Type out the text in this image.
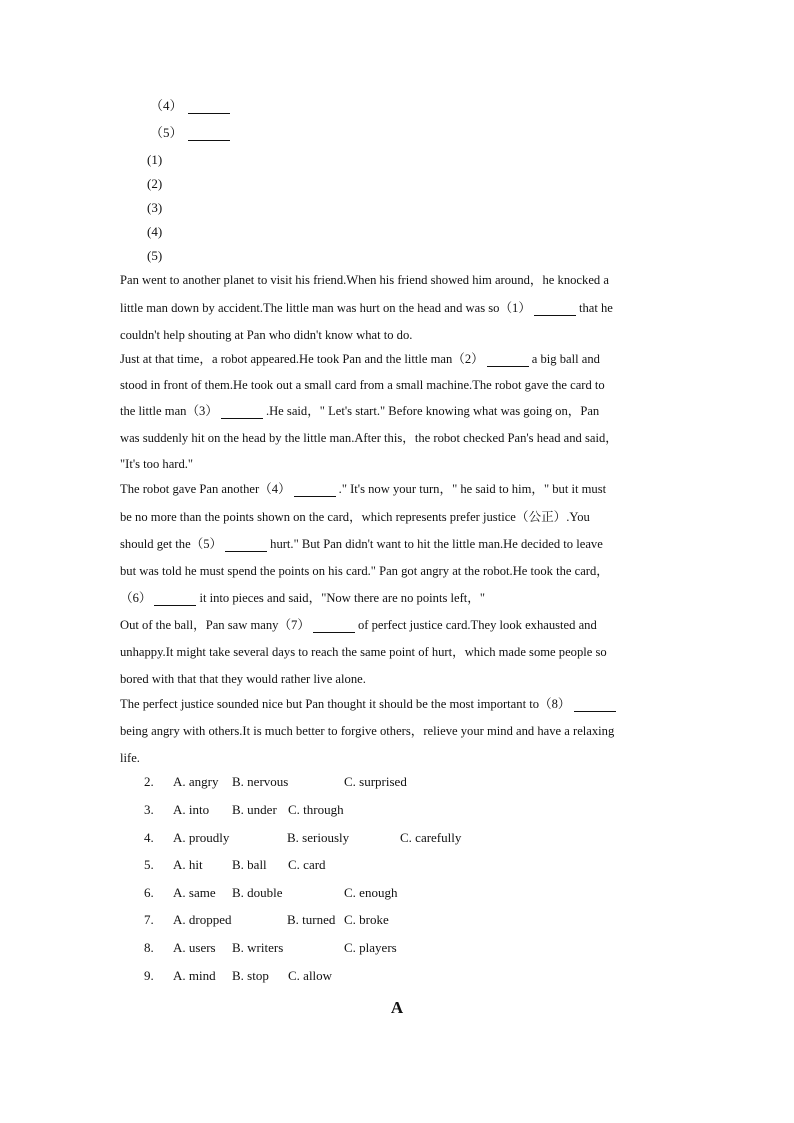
（4）
（5）
(1)
(2)
(3)
(4)
(5)
Pan went to another planet to visit his friend.When his friend showed him around，he knocked a
little man down by accident.The little man was hurt on the head and was so（1）	that he
couldn't help shouting at Pan who didn't know what to do.
Just at that time，a robot appeared.He took Pan and the little man（2）	a big ball and
stood in front of them.He took out a small card from a small machine.The robot gave the card to
the little man（3）	.He said，" Let's start." Before knowing what was going on，Pan
was suddenly hit on the head by the little man.After this，the robot checked Pan's head and said，
"It's too hard."
The robot gave Pan another（4）	." It's now your turn，" he said to him，" but it must
be no more than the points shown on the card，which represents prefer justice（公正）.You
should get the（5）	hurt." But Pan didn't want to hit the little man.He decided to leave
but was told he must spend the points on his card." Pan got angry at the robot.He took the card，
（6）	it into pieces and said，"Now there are no points left，"
Out of the ball，Pan saw many（7）	of perfect justice card.They look exhausted and
unhappy.It might take several days to reach the same point of hurt，which made some people so
bored with that that they would rather live alone.
The perfect justice sounded nice but Pan thought it should be the most important to（8）
being angry with others.It is much better to forgive others，relieve your mind and have a relaxing
life.
2. A. angry B. nervous	C. surprised
3. A. into B. under C. through
4. A. proudly	B. seriously	C. carefully
5. A. hit B. ball C. card
6. A. same B. double	C. enough
7. A. dropped	B. turned C. broke
8. A. users B. writers	C. players
9. A. mind B. stop C. allow
A
